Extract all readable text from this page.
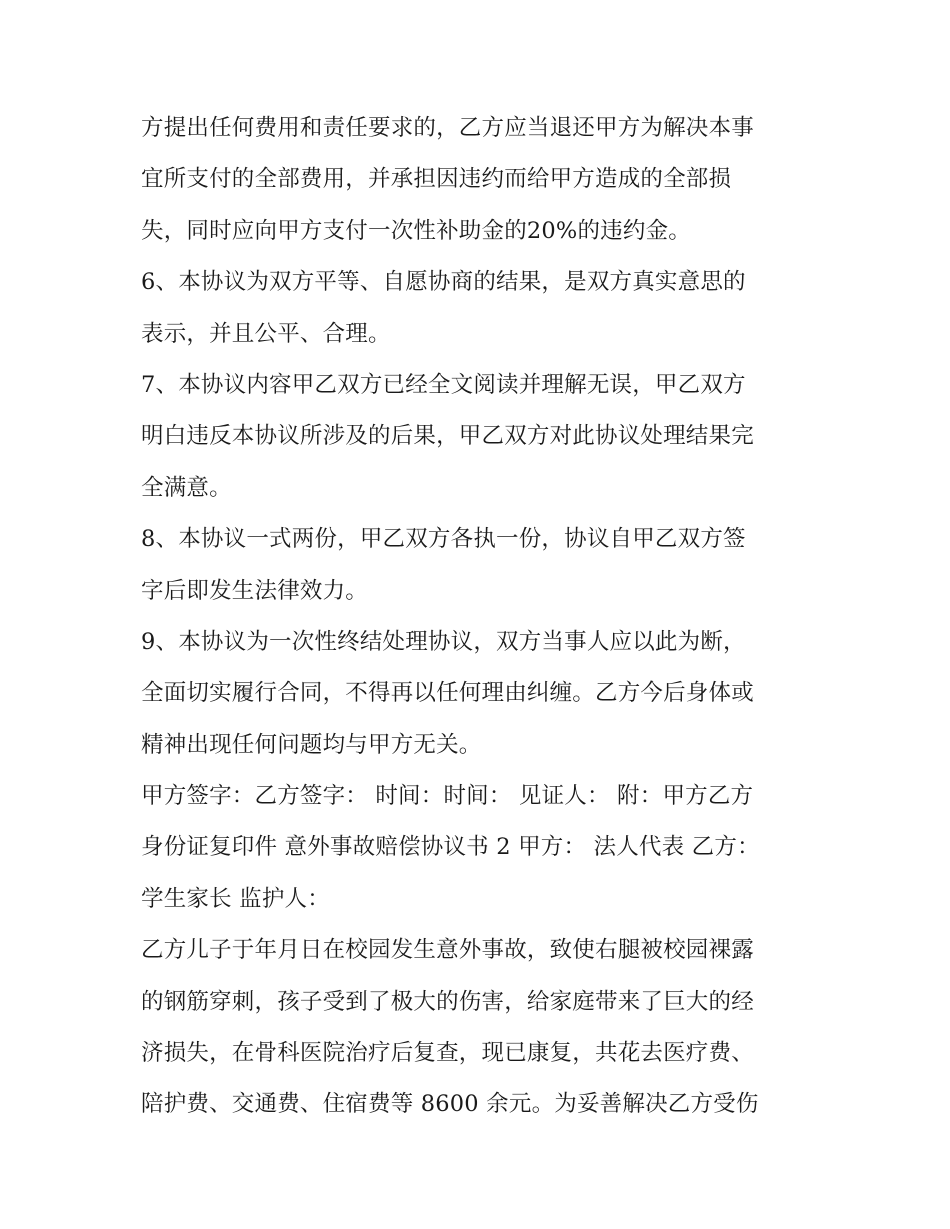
方提出任何费用和责任要求的，乙方应当退还甲方为解决本事
宜所支付的全部费用，并承担因违约而给甲方造成的全部损
失，同时应向甲方支付一次性补助金的20%的违约金。
6、本协议为双方平等、自愿协商的结果，是双方真实意思的
表示，并且公平、合理。
7、本协议内容甲乙双方已经全文阅读并理解无误，甲乙双方
明白违反本协议所涉及的后果，甲乙双方对此协议处理结果完
全满意。
8、本协议一式两份，甲乙双方各执一份，协议自甲乙双方签
字后即发生法律效力。
9、本协议为一次性终结处理协议，双方当事人应以此为断，
全面切实履行合同，不得再以任何理由纠缠。乙方今后身体或
精神出现任何问题均与甲方无关。
甲方签字：乙方签字： 时间：时间： 见证人： 附：甲方乙方
身份证复印件 意外事故赔偿协议书 2 甲方： 法人代表 乙方：
学生家长 监护人：
乙方儿子于年月日在校园发生意外事故，致使右腿被校园裸露
的钢筋穿刺，孩子受到了极大的伤害，给家庭带来了巨大的经
济损失，在骨科医院治疗后复查，现已康复，共花去医疗费、
陪护费、交通费、住宿费等 8600 余元。为妥善解决乙方受伤
